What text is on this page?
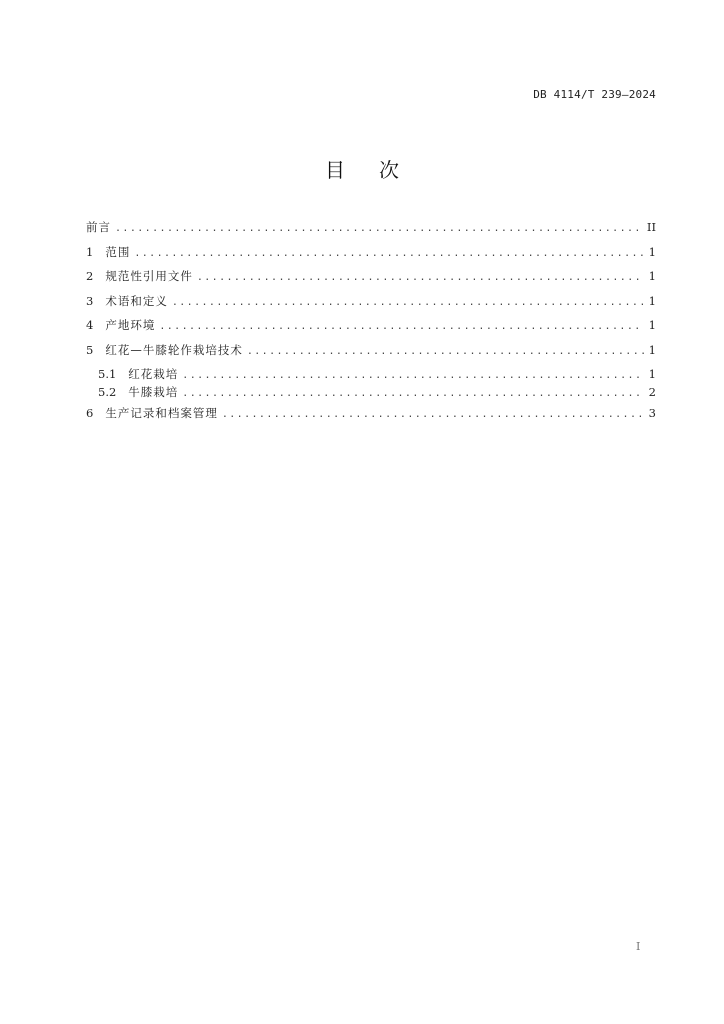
DB 4114/T 239—2024
目次
前言 .....	II
1 范围 .....	1
2 规范性引用文件 .....	1
3 术语和定义 .....	1
4 产地环境 .....	1
5 红花—牛膝轮作栽培技术 .....	1
5.1 红花栽培 .....	1
5.2 牛膝栽培 .....	2
6 生产记录和档案管理 .....	3
I
